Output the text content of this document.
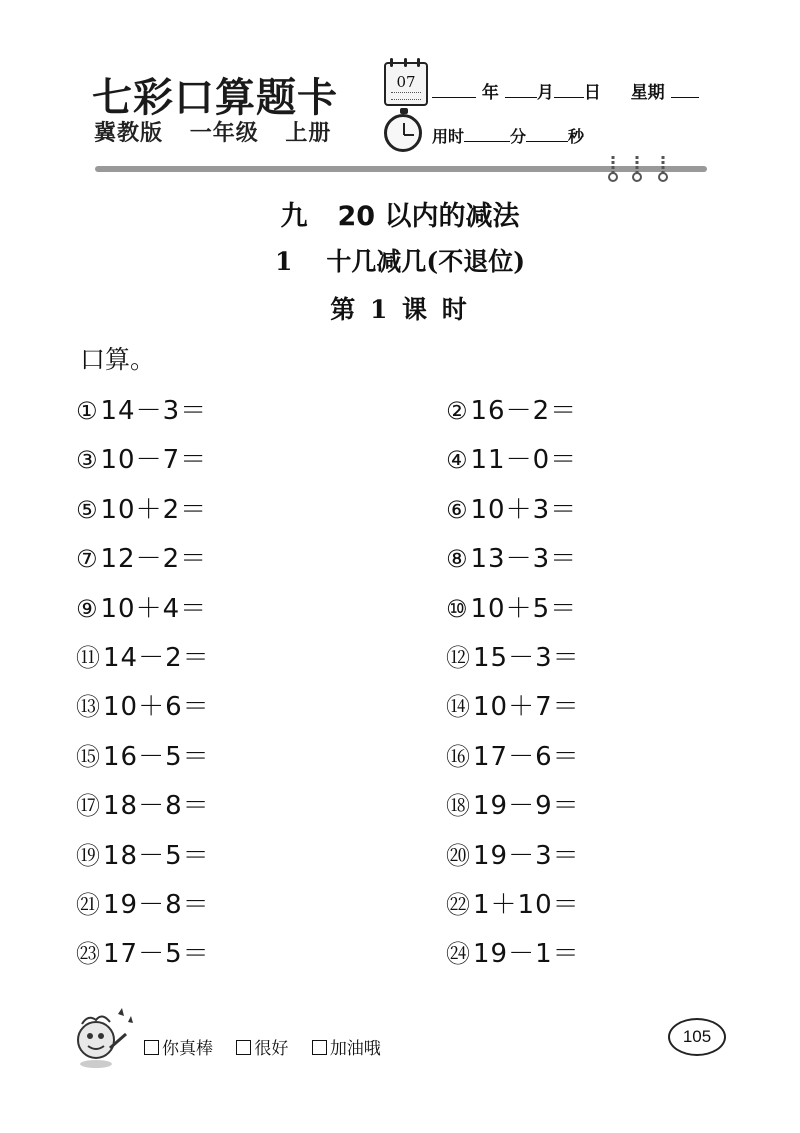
七彩口算题卡
冀教版 一年级 上册
07
年 月 日 星期
用时	分	秒
九 20 以内的减法
1 十几减几(不退位)
第 1 课 时
口算。
①14－3＝	②16－2＝
③10－7＝	④11－0＝
⑤10＋2＝	⑥10＋3＝
⑦12－2＝	⑧13－3＝
⑨10＋4＝	⑩10＋5＝
⑪14－2＝	⑫15－3＝
⑬10＋6＝	⑭10＋7＝
⑮16－5＝	⑯17－6＝
⑰18－8＝	⑱19－9＝
⑲18－5＝	⑳19－3＝
㉑19－8＝	㉒1＋10＝
㉓17－5＝	㉔19－1＝
你真棒 很好 加油哦
105
